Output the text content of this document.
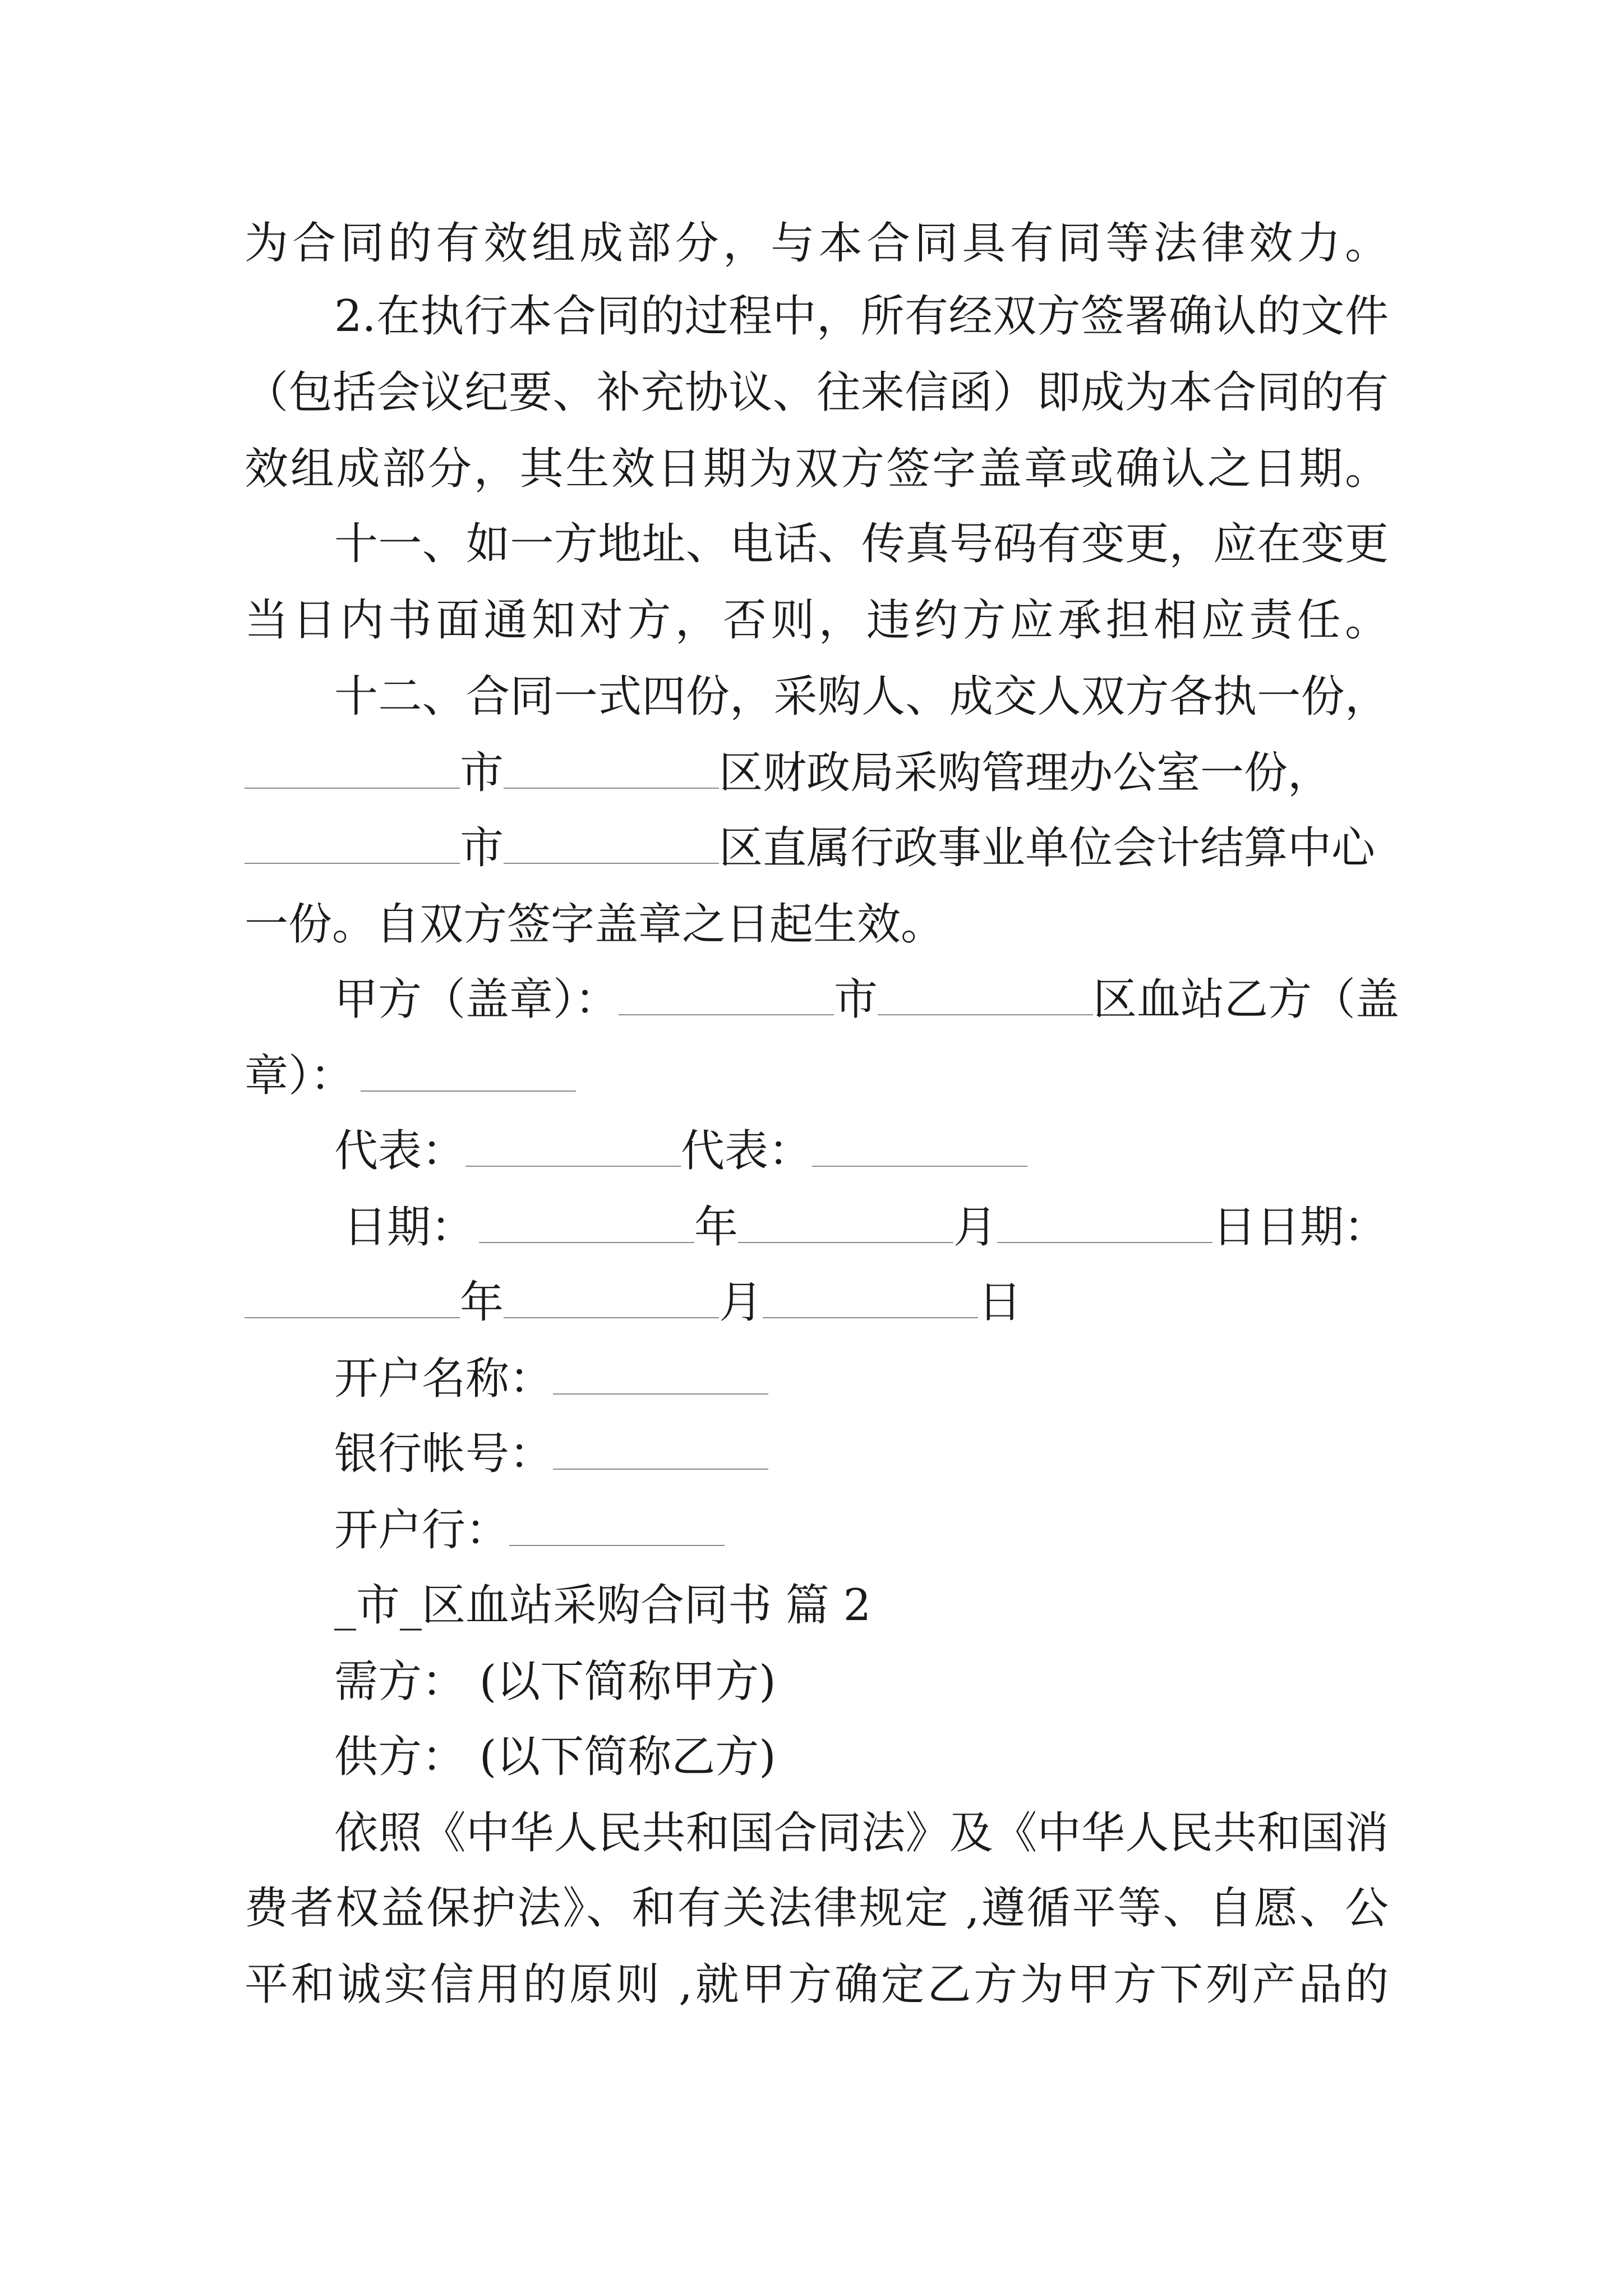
为合同的有效组成部分，与本合同具有同等法律效力。
2.在执行本合同的过程中，所有经双方签署确认的文件
（包括会议纪要、补充协议、往来信函）即成为本合同的有
效组成部分，其生效日期为双方签字盖章或确认之日期。
十一、如一方地址、电话、传真号码有变更，应在变更
当日内书面通知对方，否则，违约方应承担相应责任。
十二、合同一式四份，采购人、成交人双方各执一份，
市	区财政局采购管理办公室一份，
市	区直属行政事业单位会计结算中心
一份。自双方签字盖章之日起生效。
甲方（盖章）：	市	区血站乙方（盖
章）：
代表：	代表：
日期：	年	月	日日期：
年	月	日
开户名称：
银行帐号：
开户行：
_市_区血站采购合同书 篇 2
需方： (以下简称甲方)
供方： (以下简称乙方)
依照《中华人民共和国合同法》及《中华人民共和国消
费者权益保护法》、和有关法律规定 ,遵循平等、自愿、公
平和诚实信用的原则 ,就甲方确定乙方为甲方下列产品的
